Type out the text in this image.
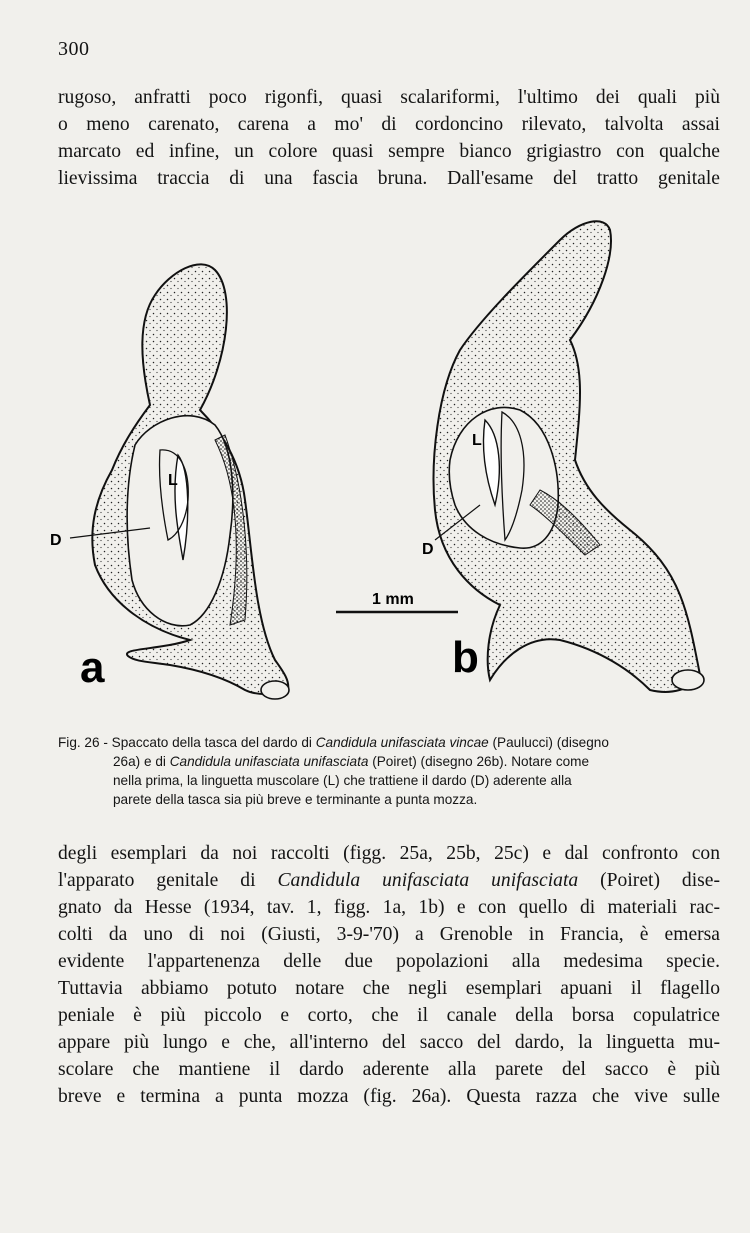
300

rugoso, anfratti poco rigonfi, quasi scalariformi, l'ultimo dei quali più
o meno carenato, carena a mo' di cordoncino rilevato, talvolta assai
marcato ed infine, un colore quasi sempre bianco grigiastro con qualche
lievissima traccia di una fascia bruna. Dall'esame del tratto genitale

L
D
a
1 mm
L
D
b
Fig. 26 - Spaccato della tasca del dardo di Candidula unifasciata vincae (Paulucci) (disegno
26a) e di Candidula unifasciata unifasciata (Poiret) (disegno 26b). Notare come
nella prima, la linguetta muscolare (L) che trattiene il dardo (D) aderente alla
parete della tasca sia più breve e terminante a punta mozza.

degli esemplari da noi raccolti (figg. 25a, 25b, 25c) e dal confronto con
l'apparato genitale di Candidula unifasciata unifasciata (Poiret) dise-
gnato da Hesse (1934, tav. 1, figg. 1a, 1b) e con quello di materiali rac-
colti da uno di noi (Giusti, 3-9-'70) a Grenoble in Francia, è emersa
evidente l'appartenenza delle due popolazioni alla medesima specie.
Tuttavia abbiamo potuto notare che negli esemplari apuani il flagello
peniale è più piccolo e corto, che il canale della borsa copulatrice
appare più lungo e che, all'interno del sacco del dardo, la linguetta mu-
scolare che mantiene il dardo aderente alla parete del sacco è più
breve e termina a punta mozza (fig. 26a). Questa razza che vive sulle
